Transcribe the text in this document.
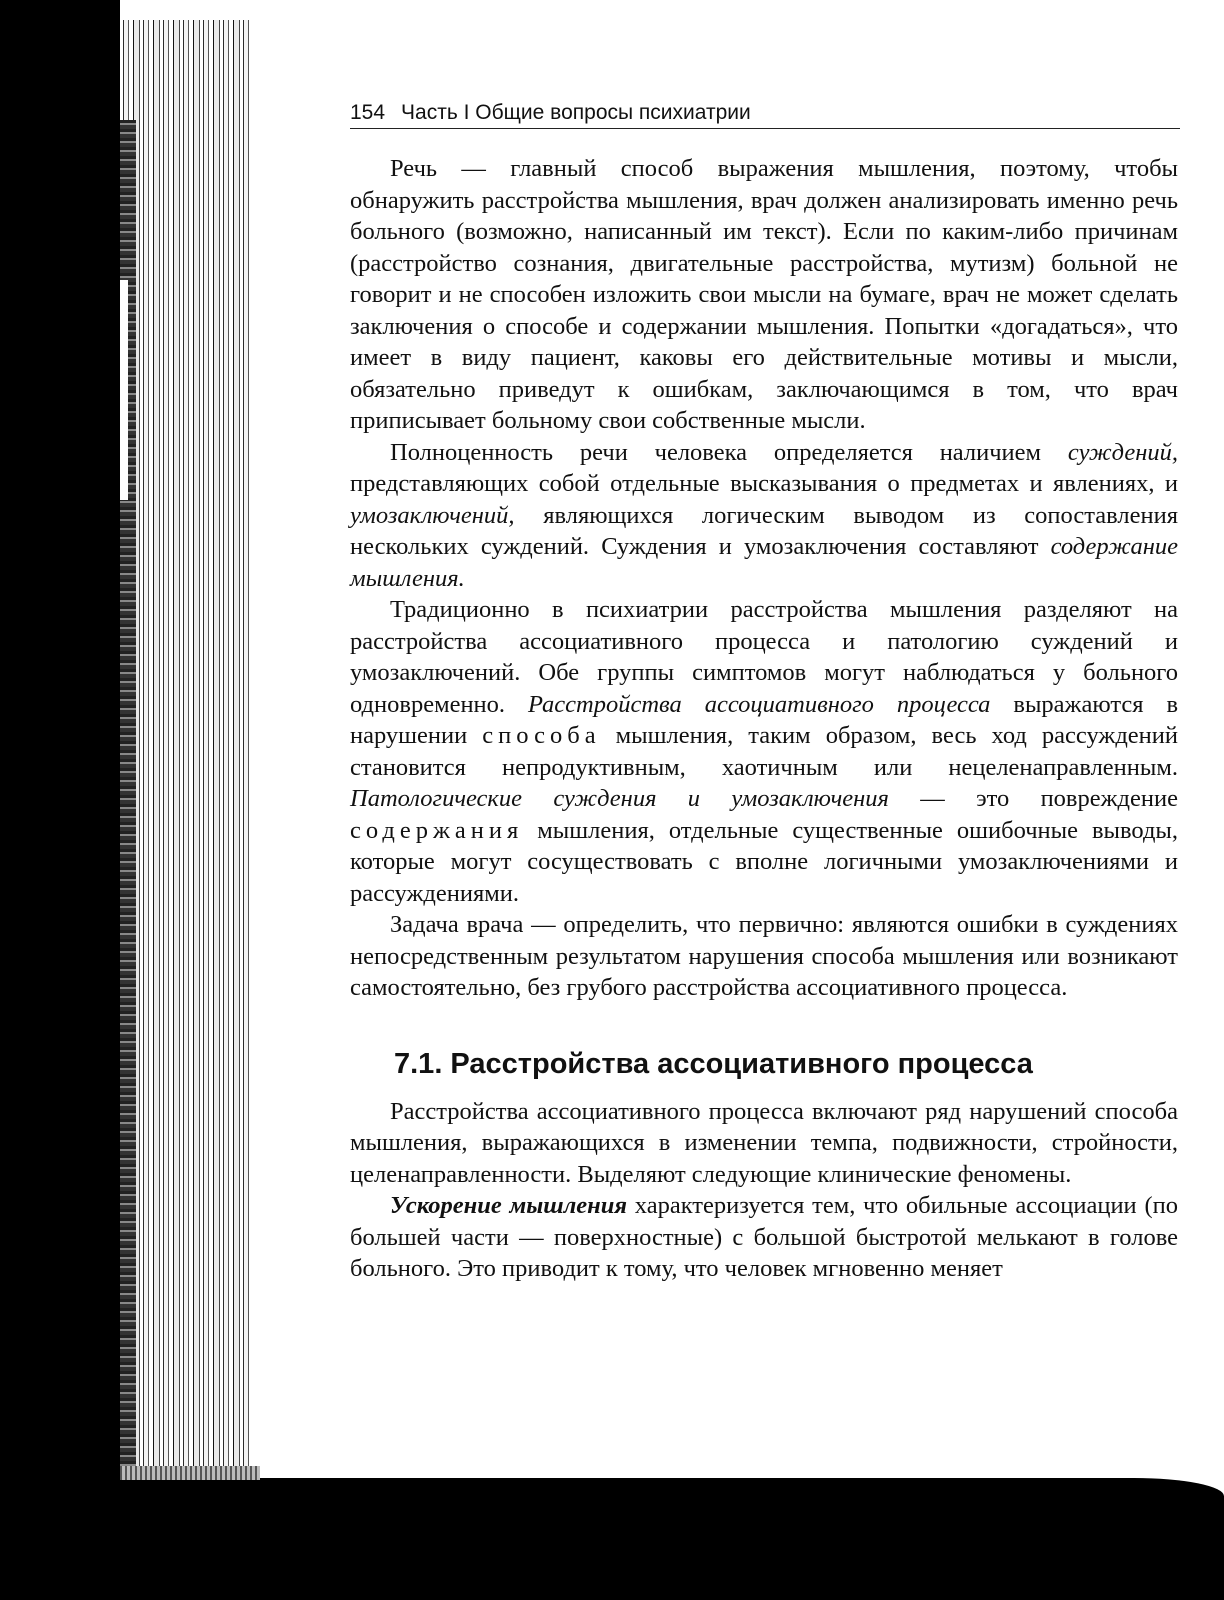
154 Часть I Общие вопросы психиатрии

Речь — главный способ выражения мышления, поэтому, чтобы обнаружить расстройства мышления, врач должен анализировать именно речь больного (возможно, написанный им текст). Если по каким-либо причинам (расстройство сознания, двигательные расстройства, мутизм) больной не говорит и не способен изложить свои мысли на бумаге, врач не может сделать заключения о способе и содержании мышления. Попытки «догадаться», что имеет в виду пациент, каковы его действительные мотивы и мысли, обязательно приведут к ошибкам, заключающимся в том, что врач приписывает больному свои собственные мысли.

Полноценность речи человека определяется наличием суждений, представляющих собой отдельные высказывания о предметах и явлениях, и умозаключений, являющихся логическим выводом из сопоставления нескольких суждений. Суждения и умозаключения составляют содержание мышления.

Традиционно в психиатрии расстройства мышления разделяют на расстройства ассоциативного процесса и патологию суждений и умозаключений. Обе группы симптомов могут наблюдаться у больного одновременно. Расстройства ассоциативного процесса выражаются в нарушении способа мышления, таким образом, весь ход рассуждений становится непродуктивным, хаотичным или нецеленаправленным. Патологические суждения и умозаключения — это повреждение содержания мышления, отдельные существенные ошибочные выводы, которые могут сосуществовать с вполне логичными умозаключениями и рассуждениями.

Задача врача — определить, что первично: являются ошибки в суждениях непосредственным результатом нарушения способа мышления или возникают самостоятельно, без грубого расстройства ассоциативного процесса.

7.1. Расстройства ассоциативного процесса

Расстройства ассоциативного процесса включают ряд нарушений способа мышления, выражающихся в изменении темпа, подвижности, стройности, целенаправленности. Выделяют следующие клинические феномены.

Ускорение мышления характеризуется тем, что обильные ассоциации (по большей части — поверхностные) с большой быстротой мелькают в голове больного. Это приводит к тому, что человек мгновенно меняет
